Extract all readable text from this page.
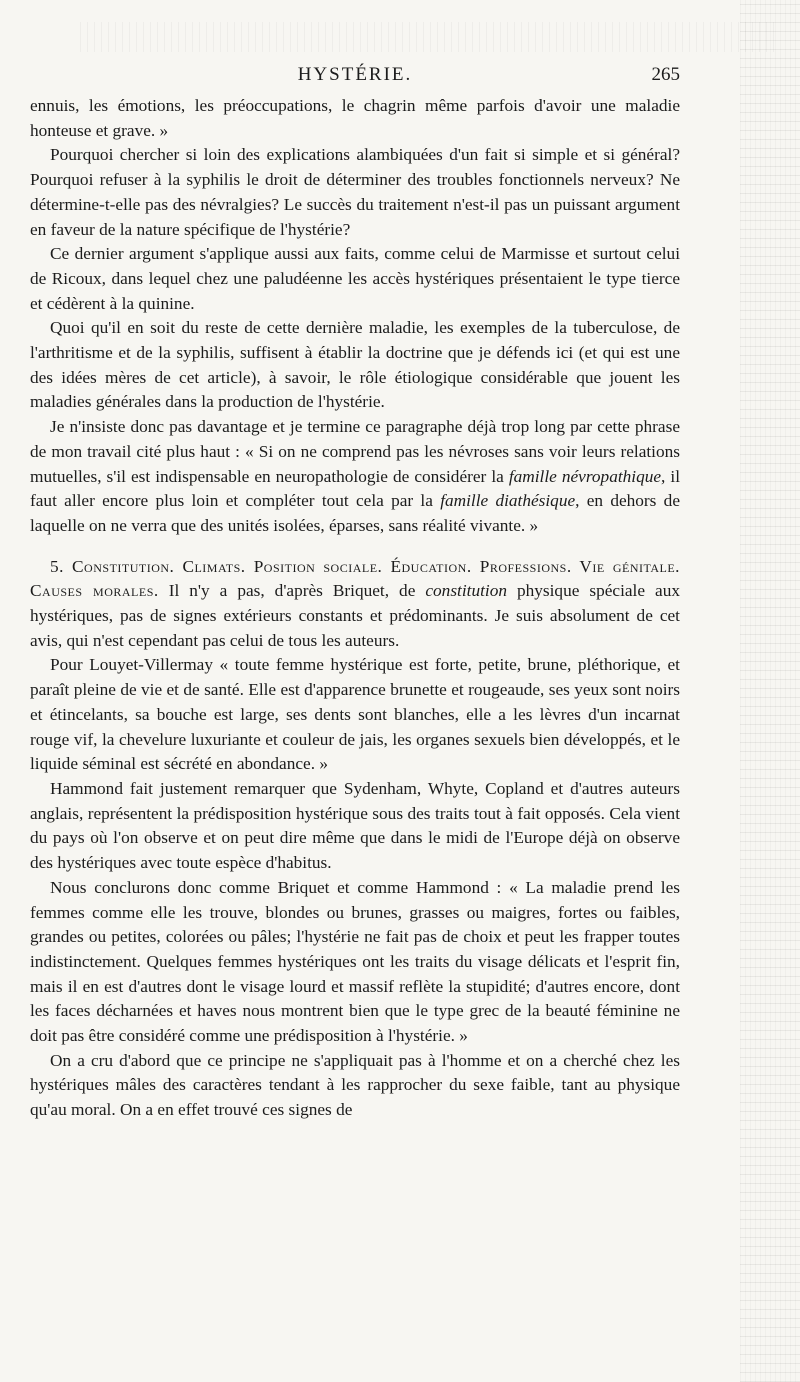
HYSTÉRIE.	265

ennuis, les émotions, les préoccupations, le chagrin même parfois d'avoir une maladie honteuse et grave. »

Pourquoi chercher si loin des explications alambiquées d'un fait si simple et si général? Pourquoi refuser à la syphilis le droit de déterminer des troubles fonctionnels nerveux? Ne détermine-t-elle pas des névralgies? Le succès du traitement n'est-il pas un puissant argument en faveur de la nature spécifique de l'hystérie?

Ce dernier argument s'applique aussi aux faits, comme celui de Marmisse et surtout celui de Ricoux, dans lequel chez une paludéenne les accès hystériques présentaient le type tierce et cédèrent à la quinine.

Quoi qu'il en soit du reste de cette dernière maladie, les exemples de la tuberculose, de l'arthritisme et de la syphilis, suffisent à établir la doctrine que je défends ici (et qui est une des idées mères de cet article), à savoir, le rôle étiologique considérable que jouent les maladies générales dans la production de l'hystérie.

Je n'insiste donc pas davantage et je termine ce paragraphe déjà trop long par cette phrase de mon travail cité plus haut : « Si on ne comprend pas les névroses sans voir leurs relations mutuelles, s'il est indispensable en neuropathologie de considérer la famille névropathique, il faut aller encore plus loin et compléter tout cela par la famille diathésique, en dehors de laquelle on ne verra que des unités isolées, éparses, sans réalité vivante. »

5. Constitution. Climats. Position sociale. Éducation. Professions. Vie génitale. Causes morales. Il n'y a pas, d'après Briquet, de constitution physique spéciale aux hystériques, pas de signes extérieurs constants et prédominants. Je suis absolument de cet avis, qui n'est cependant pas celui de tous les auteurs.

Pour Louyet-Villermay « toute femme hystérique est forte, petite, brune, pléthorique, et paraît pleine de vie et de santé. Elle est d'apparence brunette et rougeaude, ses yeux sont noirs et étincelants, sa bouche est large, ses dents sont blanches, elle a les lèvres d'un incarnat rouge vif, la chevelure luxuriante et couleur de jais, les organes sexuels bien développés, et le liquide séminal est sécrété en abondance. »

Hammond fait justement remarquer que Sydenham, Whyte, Copland et d'autres auteurs anglais, représentent la prédisposition hystérique sous des traits tout à fait opposés. Cela vient du pays où l'on observe et on peut dire même que dans le midi de l'Europe déjà on observe des hystériques avec toute espèce d'habitus.

Nous conclurons donc comme Briquet et comme Hammond : « La maladie prend les femmes comme elle les trouve, blondes ou brunes, grasses ou maigres, fortes ou faibles, grandes ou petites, colorées ou pâles; l'hystérie ne fait pas de choix et peut les frapper toutes indistinctement. Quelques femmes hystériques ont les traits du visage délicats et l'esprit fin, mais il en est d'autres dont le visage lourd et massif reflète la stupidité; d'autres encore, dont les faces décharnées et haves nous montrent bien que le type grec de la beauté féminine ne doit pas être considéré comme une prédisposition à l'hystérie. »

On a cru d'abord que ce principe ne s'appliquait pas à l'homme et on a cherché chez les hystériques mâles des caractères tendant à les rapprocher du sexe faible, tant au physique qu'au moral. On a en effet trouvé ces signes de
